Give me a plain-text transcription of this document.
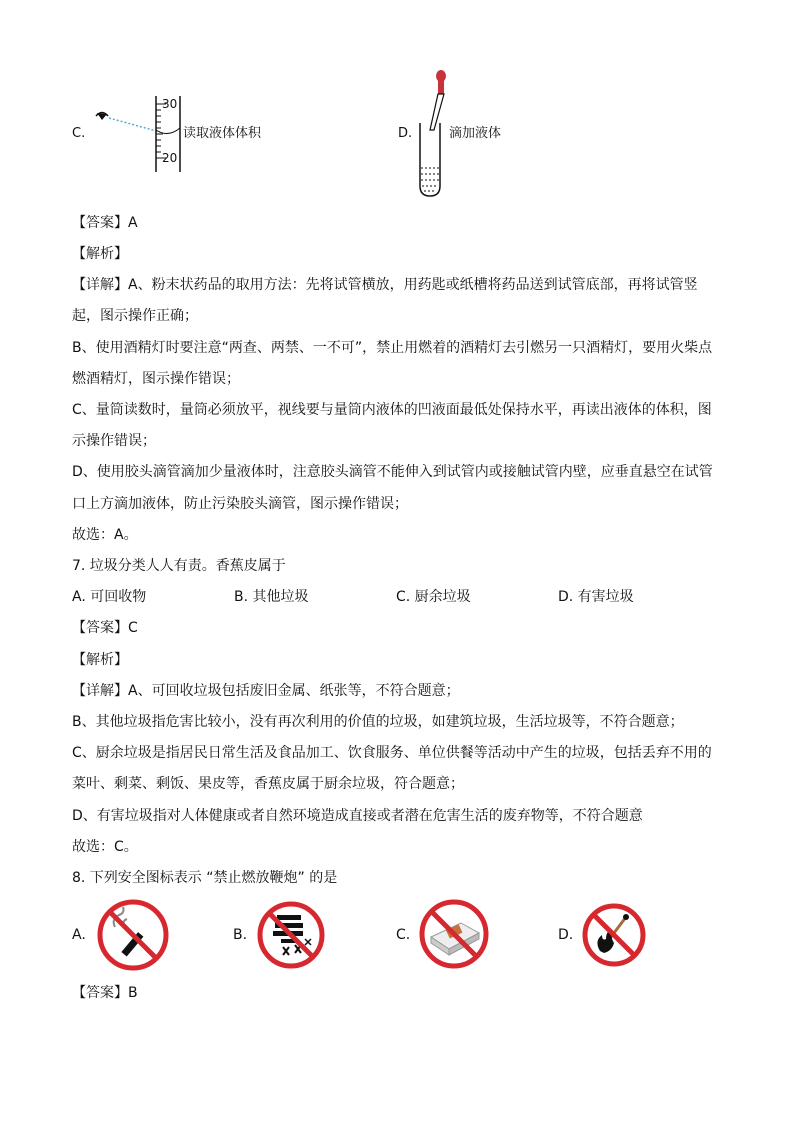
C.
30
20
读取液体体积	D.	滴加液体
【答案】A
【解析】
【详解】A、粉末状药品的取用方法：先将试管横放，用药匙或纸槽将药品送到试管底部，再将试管竖
起，图示操作正确；
B、使用酒精灯时要注意“两查、两禁、一不可”，禁止用燃着的酒精灯去引燃另一只酒精灯，要用火柴点
燃酒精灯，图示操作错误；
C、量筒读数时，量筒必须放平，视线要与量筒内液体的凹液面最低处保持水平，再读出液体的体积，图
示操作错误；
D、使用胶头滴管滴加少量液体时，注意胶头滴管不能伸入到试管内或接触试管内壁，应垂直悬空在试管
口上方滴加液体，防止污染胶头滴管，图示操作错误；
故选：A。
7. 垃圾分类人人有责。香蕉皮属于
A. 可回收物	B. 其他垃圾	C. 厨余垃圾	D. 有害垃圾
【答案】C
【解析】
【详解】A、可回收垃圾包括废旧金属、纸张等，不符合题意；
B、其他垃圾指危害比较小，没有再次利用的价值的垃圾，如建筑垃圾，生活垃圾等，不符合题意；
C、厨余垃圾是指居民日常生活及食品加工、饮食服务、单位供餐等活动中产生的垃圾，包括丢弃不用的
菜叶、剩菜、剩饭、果皮等，香蕉皮属于厨余垃圾，符合题意；
D、有害垃圾指对人体健康或者自然环境造成直接或者潜在危害生活的废弃物等，不符合题意
故选：C。
8. 下列安全图标表示 “禁止燃放鞭炮” 的是
A.	B.	C.	D.
【答案】B
